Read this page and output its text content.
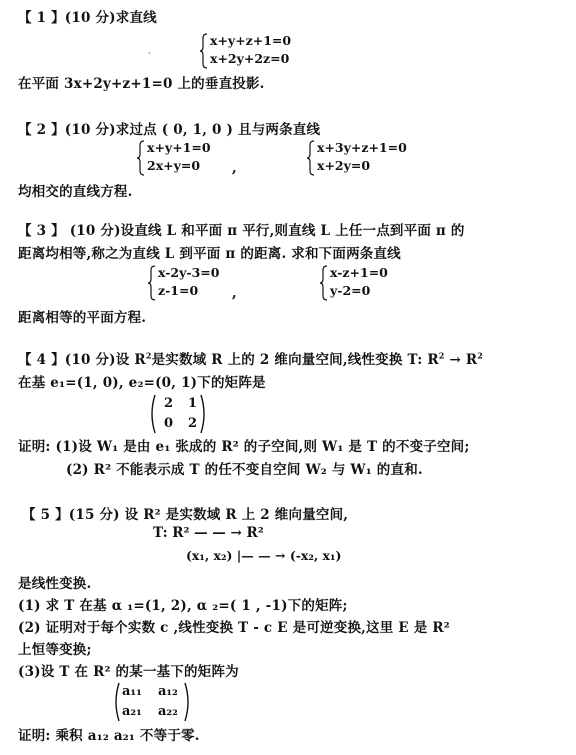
【 1 】(10 分)求直线
ˏ
x+y+z+1=0
x+2y+2z=0
在平面 3x+2y+z+1=0 上的垂直投影.
【 2 】(10 分)求过点 ( 0, 1, 0 ) 且与两条直线
x+y+1=0
2x+y=0 ,
x+3y+z+1=0
x+2y=0
均相交的直线方程.
【 3 】 (10 分)设直线 L 和平面 π 平行,则直线 L 上任一点到平面 π 的
距离均相等,称之为直线 L 到平面 π 的距离. 求和下面两条直线
x-2y-3=0
z-1=0	,
x-z+1=0
y-2=0
距离相等的平面方程.
【 4 】(10 分)设 $R^2$是实数域 R 上的 2 维向量空间,线性变换 T: $R^2 \to R^2$
在基 e₁=(1, 0), e₂=(0, 1)下的矩阵是
2 1
0 2
证明: (1)设 W₁ 是由 e₁ 张成的 R² 的子空间,则 W₁ 是 T 的不变子空间;
(2) R² 不能表示成 T 的任不变自空间 W₂ 与 W₁ 的直和.
【 5 】(15 分) 设 R² 是实数域 R 上 2 维向量空间,
T: R² — — → R²
(x₁, x₂) |— — → (-x₂, x₁)
是线性变换.
(1) 求 T 在基 α ₁=(1, 2), α ₂=( 1 , -1)下的矩阵;
(2) 证明对于每个实数 c ,线性变换 T - c E 是可逆变换,这里 E 是 R²
上恒等变换;
(3)设 T 在 R² 的某一基下的矩阵为
a₁₁ a₁₂
a₂₁ a₂₂
证明: 乘积 a₁₂ a₂₁ 不等于零.
